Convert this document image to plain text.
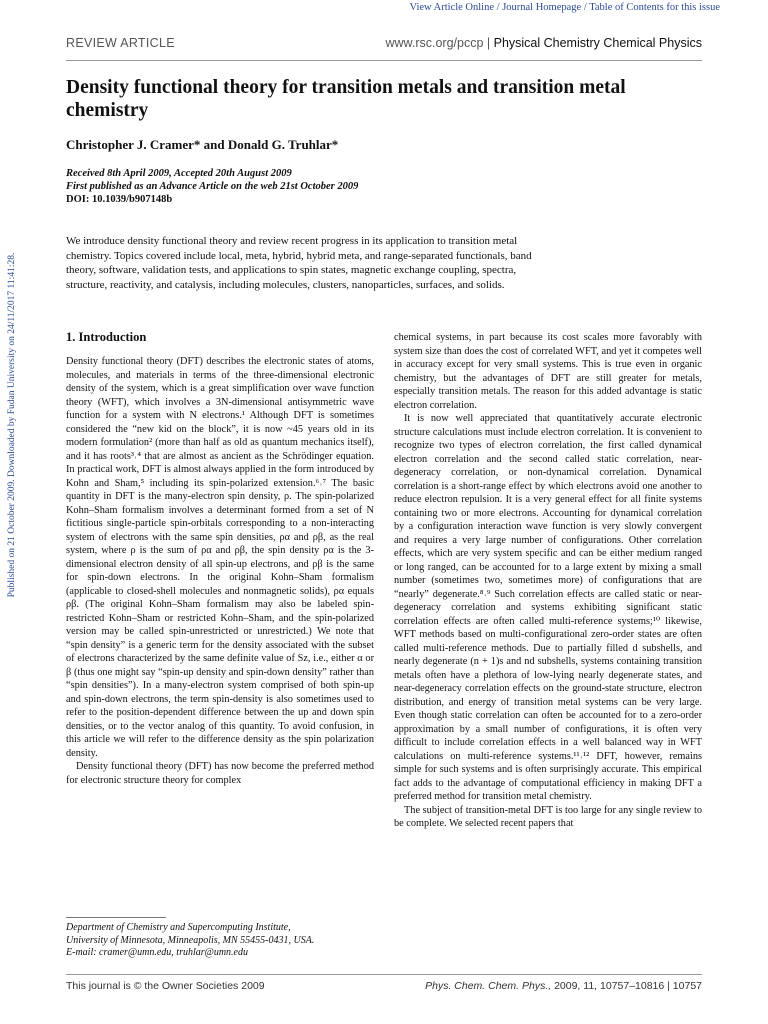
View Article Online / Journal Homepage / Table of Contents for this issue
Published on 21 October 2009. Downloaded by Fudan University on 24/11/2017 11:41:28.
REVIEW ARTICLE	www.rsc.org/pccp | Physical Chemistry Chemical Physics
Density functional theory for transition metals and transition metal chemistry
Christopher J. Cramer* and Donald G. Truhlar*
Received 8th April 2009, Accepted 20th August 2009
First published as an Advance Article on the web 21st October 2009
DOI: 10.1039/b907148b
We introduce density functional theory and review recent progress in its application to transition metal chemistry. Topics covered include local, meta, hybrid, hybrid meta, and range-separated functionals, band theory, software, validation tests, and applications to spin states, magnetic exchange coupling, spectra, structure, reactivity, and catalysis, including molecules, clusters, nanoparticles, surfaces, and solids.
1. Introduction

Density functional theory (DFT) describes the electronic states of atoms, molecules, and materials in terms of the three-dimensional electronic density of the system, which is a great simplification over wave function theory (WFT), which involves a 3N-dimensional antisymmetric wave function for a system with N electrons.¹ Although DFT is sometimes considered the “new kid on the block”, it is now ~45 years old in its modern formulation² (more than half as old as quantum mechanics itself), and it has roots³˒⁴ that are almost as ancient as the Schrödinger equation. In practical work, DFT is almost always applied in the form introduced by Kohn and Sham,⁵ including its spin-polarized extension.⁶˒⁷ The basic quantity in DFT is the many-electron spin density, ρ. The spin-polarized Kohn–Sham formalism involves a determinant formed from a set of N fictitious single-particle spin-orbitals corresponding to a non-interacting system of electrons with the same spin densities, ρα and ρβ, as the real system, where ρ is the sum of ρα and ρβ, the spin density ρα is the 3-dimensional electron density of all spin-up electrons, and ρβ is the same for spin-down electrons. In the original Kohn–Sham formalism (applicable to closed-shell molecules and nonmagnetic solids), ρα equals ρβ. (The original Kohn–Sham formalism may also be labeled spin-restricted Kohn–Sham or restricted Kohn–Sham, and the spin-polarized version may be called spin-unrestricted or unrestricted.) We note that “spin density” is a generic term for the density associated with the subset of electrons characterized by the same definite value of Sz, i.e., either α or β (thus one might say “spin-up density and spin-down density” rather than “spin densities”). In a many-electron system comprised of both spin-up and spin-down electrons, the term spin-density is also sometimes used to refer to the position-dependent difference between the up and down spin densities, or to the vector analog of this quantity. To avoid confusion, in this article we will refer to the difference density as the spin polarization density.

Density functional theory (DFT) has now become the preferred method for electronic structure theory for complex

chemical systems, in part because its cost scales more favorably with system size than does the cost of correlated WFT, and yet it competes well in accuracy except for very small systems. This is true even in organic chemistry, but the advantages of DFT are still greater for metals, especially transition metals. The reason for this added advantage is static electron correlation.

It is now well appreciated that quantitatively accurate electronic structure calculations must include electron correlation. It is convenient to recognize two types of electron correlation, the first called dynamical electron correlation and the second called static correlation, near-degeneracy correlation, or non-dynamical correlation. Dynamical correlation is a short-range effect by which electrons avoid one another to reduce electron repulsion. It is a very general effect for all finite systems containing two or more electrons. Accounting for dynamical correlation by a configuration interaction wave function is very slowly convergent and requires a very large number of configurations. Other correlation effects, which are very system specific and can be either medium ranged or long ranged, can be accounted for to a large extent by mixing a small number (sometimes two, sometimes more) of configurations that are “nearly” degenerate.⁸˒⁹ Such correlation effects are called static or near-degeneracy correlation and systems exhibiting significant static correlation effects are often called multi-reference systems;¹⁰ likewise, WFT methods based on multi-configurational zero-order states are often called multi-reference methods. Due to partially filled d subshells, and nearly degenerate (n + 1)s and nd subshells, systems containing transition metals often have a plethora of low-lying nearly degenerate states, and near-degeneracy correlation effects on the ground-state structure, electron distribution, and energy of transition metal systems can be very large. Even though static correlation can often be accounted for to a zero-order approximation by a small number of configurations, it is often very difficult to include correlation effects in a well balanced way in WFT calculations on multi-reference systems.¹¹˒¹² DFT, however, remains simple for such systems and is often surprisingly accurate. This empirical fact adds to the advantage of computational efficiency in making DFT a preferred method for transition metal chemistry.

The subject of transition-metal DFT is too large for any single review to be complete. We selected recent papers that

Department of Chemistry and Supercomputing Institute,
University of Minnesota, Minneapolis, MN 55455-0431, USA.
E-mail: cramer@umn.edu, truhlar@umn.edu
This journal is © the Owner Societies 2009	Phys. Chem. Chem. Phys., 2009, 11, 10757–10816 | 10757
